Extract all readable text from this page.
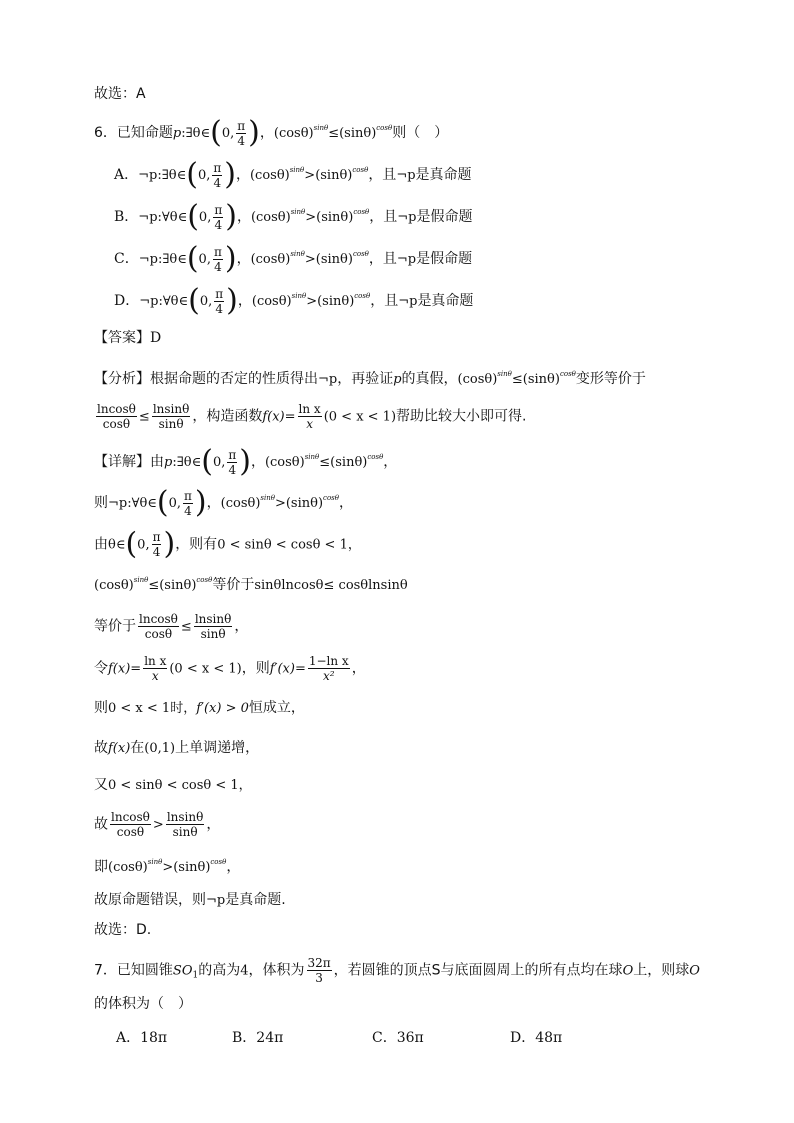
故选：A
6．已知命题p:∃θ∈(0, $\frac{\pi}{4}$ )，$(\cos\theta)^{sin\theta}\le(\sin\theta)^{cos\theta}$则（　）
A．¬p:∃θ∈(0, $\frac{\pi}{4}$ )，$(\cos\theta)^{sin\theta}>(\sin\theta)^{cos\theta}$，且¬p是真命题
B．¬p:∀θ∈(0, $\frac{\pi}{4}$ )，$(\cos\theta)^{sin\theta}>(\sin\theta)^{cos\theta}$，且¬p是假命题
C．¬p:∃θ∈(0, $\frac{\pi}{4}$ )，$(\cos\theta)^{sin\theta}>(\sin\theta)^{cos\theta}$，且¬p是假命题
D．¬p:∀θ∈(0, $\frac{\pi}{4}$ )，$(\cos\theta)^{sin\theta}>(\sin\theta)^{cos\theta}$，且¬p是真命题
【答案】D
【分析】根据命题的否定的性质得出¬p，再验证p的真假，$(\cos\theta)^{sin\theta}\le(\sin\theta)^{cos\theta}$变形等价于
$\frac{lncos\theta}{\cos\theta} \le \frac{lnsin\theta}{\sin\theta}$ ，构造函数$f(x)= \frac{\text{ln x}}{x} (0 < x < 1)$帮助比较大小即可得.
【详解】由p:∃θ∈(0, $\frac{\pi}{4}$ )，$(\cos\theta)^{sin\theta}\le(\sin\theta)^{cos\theta}$，
则¬p:∀θ∈(0, $\frac{\pi}{4}$ )，$(\cos\theta)^{sin\theta}>(\sin\theta)^{cos\theta}$，
由θ∈(0, $\frac{\pi}{4}$ )，则有0 < sinθ < cosθ < 1，
$(\cos\theta)^{sin\theta}\le(\sin\theta)^{cos\theta}$等价于sinθlncosθ≤ cosθlnsinθ
等价于 $\frac{lncos\theta}{\cos\theta} \le \frac{lnsin\theta}{\sin\theta}$ ，
令$f(x)= \frac{\text{ln x}}{x} (0 < x < 1)$，则$f'(x)= \frac{\text{1−ln x}}{\text{x²}}$ ，
则0 < x < 1时，f′(x) > 0恒成立，
故f(x)在(0,1)上单调递增，
又0 < sinθ < cosθ < 1，
故 $\frac{lncos\theta}{\cos\theta} > \frac{lnsin\theta}{\sin\theta}$ ，
即$(\cos\theta)^{sin\theta}>(\sin\theta)^{cos\theta}$，
故原命题错误，则¬p是真命题.
故选：D.
7．已知圆锥$SO_1$的高为4，体积为 $\frac{32\pi}{3}$ ，若圆锥的顶点S与底面圆周上的所有点均在球O上，则球O
的体积为（　）
A．18π	B．24π	C．36π	D．48π
